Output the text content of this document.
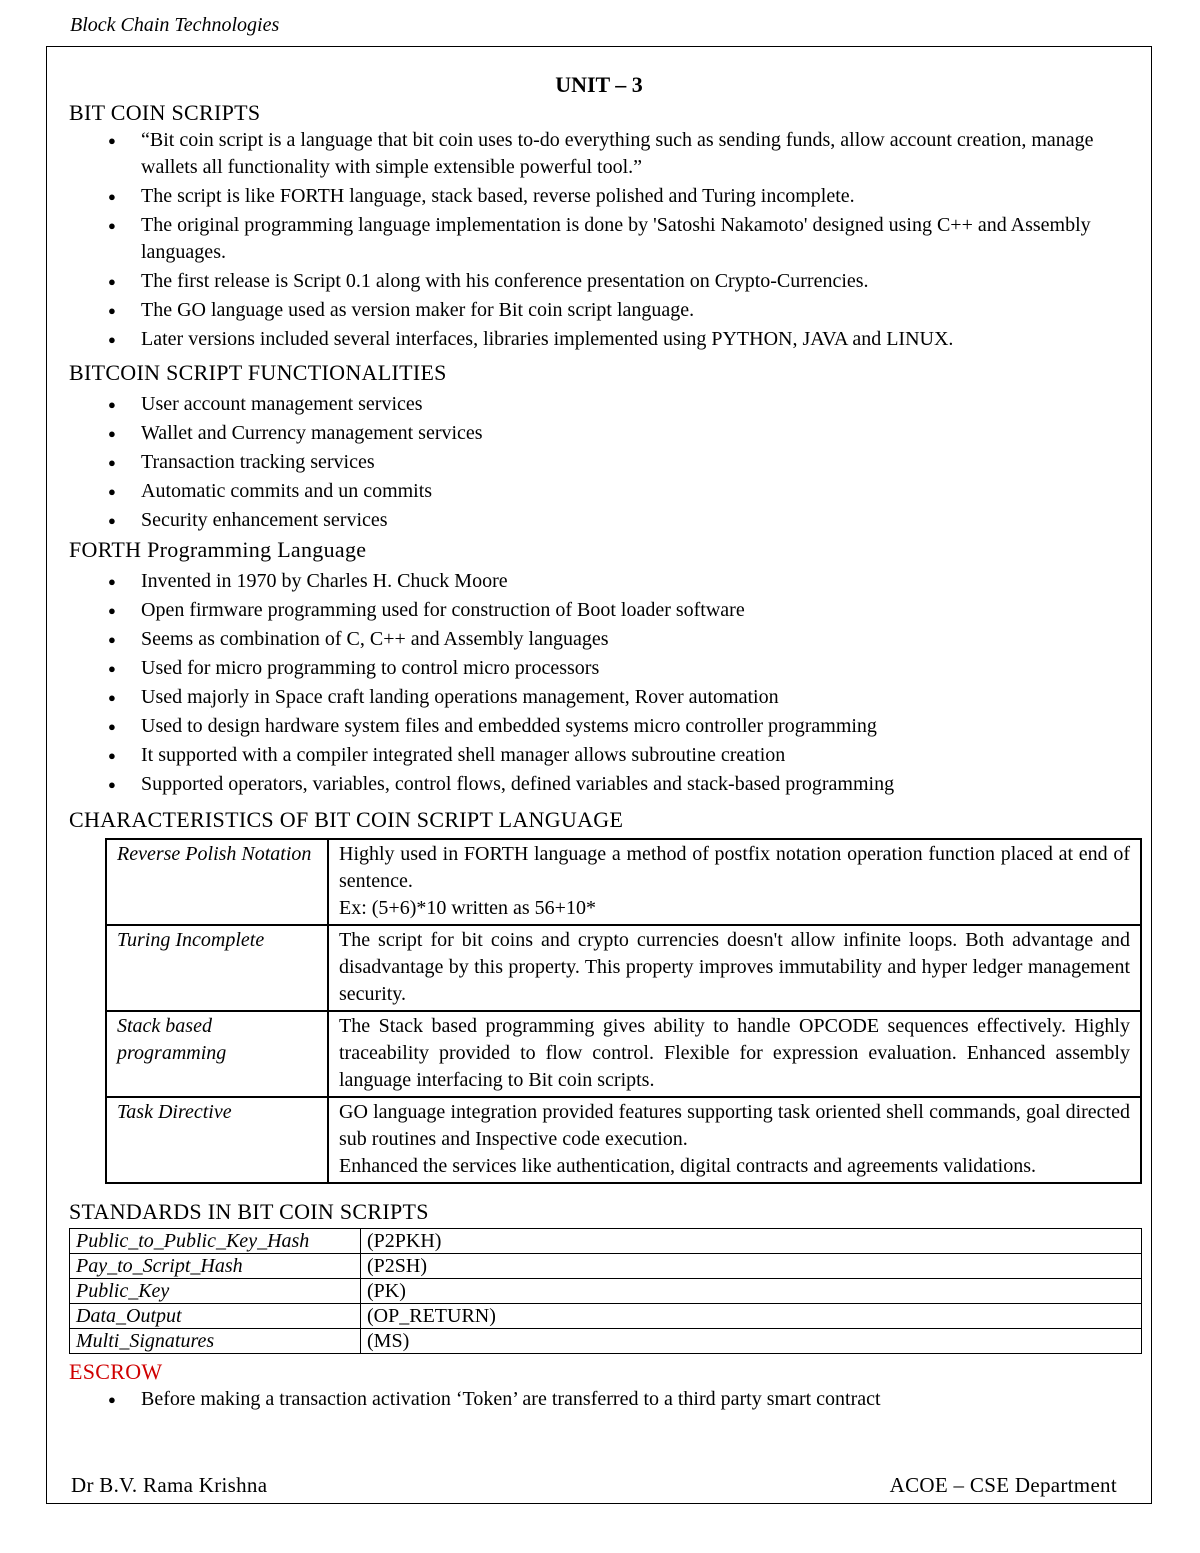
Block Chain Technologies
UNIT – 3
BIT COIN SCRIPTS
● “Bit coin script is a language that bit coin uses to-do everything such as sending funds, allow account creation, manage wallets all functionality with simple extensible powerful tool.”
● The script is like FORTH language, stack based, reverse polished and Turing incomplete.
● The original programming language implementation is done by 'Satoshi Nakamoto' designed using C++ and Assembly languages.
● The first release is Script 0.1 along with his conference presentation on Crypto-Currencies.
● The GO language used as version maker for Bit coin script language.
● Later versions included several interfaces, libraries implemented using PYTHON, JAVA and LINUX.
BITCOIN SCRIPT FUNCTIONALITIES
● User account management services
● Wallet and Currency management services
● Transaction tracking services
● Automatic commits and un commits
● Security enhancement services
FORTH Programming Language
● Invented in 1970 by Charles H. Chuck Moore
● Open firmware programming used for construction of Boot loader software
● Seems as combination of C, C++ and Assembly languages
● Used for micro programming to control micro processors
● Used majorly in Space craft landing operations management, Rover automation
● Used to design hardware system files and embedded systems micro controller programming
● It supported with a compiler integrated shell manager allows subroutine creation
● Supported operators, variables, control flows, defined variables and stack-based programming
CHARACTERISTICS OF BIT COIN SCRIPT LANGUAGE
Reverse Polish Notation	Highly used in FORTH language a method of postfix notation operation function placed at end of sentence.
Ex: (5+6)*10 written as 56+10*

Turing Incomplete	The script for bit coins and crypto currencies doesn't allow infinite loops. Both advantage and disadvantage by this property. This property improves immutability and hyper ledger management security.

Stack based programming	The Stack based programming gives ability to handle OPCODE sequences effectively. Highly traceability provided to flow control. Flexible for expression evaluation. Enhanced assembly language interfacing to Bit coin scripts.

Task Directive	GO language integration provided features supporting task oriented shell commands, goal directed sub routines and Inspective code execution.
Enhanced the services like authentication, digital contracts and agreements validations.
STANDARDS IN BIT COIN SCRIPTS
Public_to_Public_Key_Hash	(P2PKH)
Pay_to_Script_Hash	(P2SH)
Public_Key	(PK)
Data_Output	(OP_RETURN)
Multi_Signatures	(MS)
ESCROW
● Before making a transaction activation ‘Token’ are transferred to a third party smart contract
Dr B.V. Rama Krishna	ACOE – CSE Department
